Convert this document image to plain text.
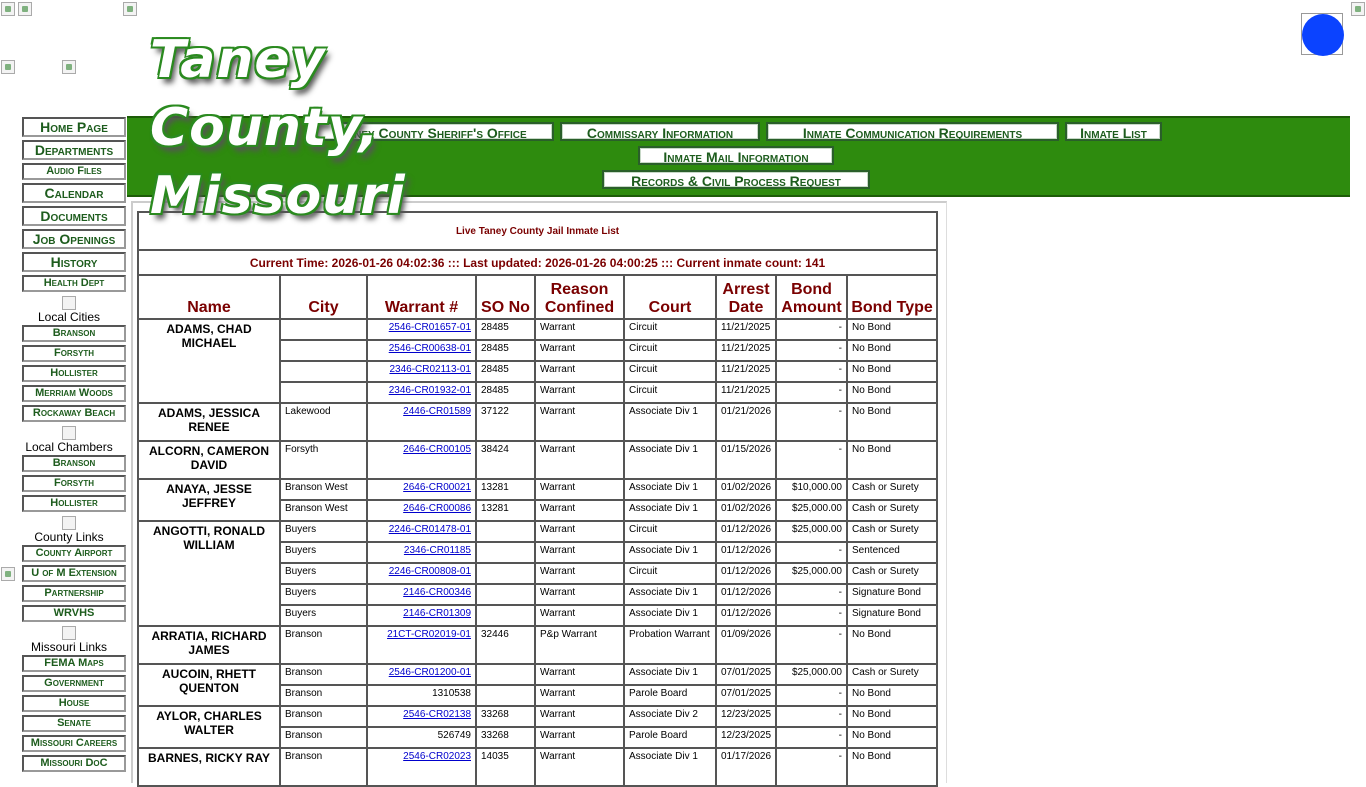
Taney County,
Missouri
36.6436, -93.2172
Taney County Sheriff's Office	Commissary Information	Inmate Communication Requirements	Inmate List
Inmate Mail Information
Records & Civil Process Request
Home Page
Departments
Audio Files
Calendar
Documents
Job Openings
History
Health Dept
Local Cities
Branson
Forsyth
Hollister
Merriam Woods
Rockaway Beach
Local Chambers
Branson
Forsyth
Hollister
County Links
County Airport
U of M Extension
Partnership
WRVHS
Missouri Links
FEMA Maps
Government
House
Senate
Missouri Careers
Missouri DoC
Live Taney County Jail Inmate List								
Current Time: 2026-01-26 04:02:36 ::: Last updated: 2026-01-26 04:00:25 ::: Current inmate count: 141								
Name	City	Warrant #	SO No	Reason Confined	Court	Arrest Date	Bond Amount	Bond Type
ADAMS, CHAD MICHAEL		2546-CR01657-01	28485	Warrant	Circuit	11/21/2025	-	No Bond
		2546-CR00638-01	28485	Warrant	Circuit	11/21/2025	-	No Bond
		2346-CR02113-01	28485	Warrant	Circuit	11/21/2025	-	No Bond
		2346-CR01932-01	28485	Warrant	Circuit	11/21/2025	-	No Bond
ADAMS, JESSICA RENEE	Lakewood	2446-CR01589	37122	Warrant	Associate Div 1	01/21/2026	-	No Bond
ALCORN, CAMERON DAVID	Forsyth	2646-CR00105	38424	Warrant	Associate Div 1	01/15/2026	-	No Bond
ANAYA, JESSE JEFFREY	Branson West	2646-CR00021	13281	Warrant	Associate Div 1	01/02/2026	$10,000.00	Cash or Surety
	Branson West	2646-CR00086	13281	Warrant	Associate Div 1	01/02/2026	$25,000.00	Cash or Surety
ANGOTTI, RONALD WILLIAM	Buyers	2246-CR01478-01		Warrant	Circuit	01/12/2026	$25,000.00	Cash or Surety
	Buyers	2346-CR01185		Warrant	Associate Div 1	01/12/2026	-	Sentenced
	Buyers	2246-CR00808-01		Warrant	Circuit	01/12/2026	$25,000.00	Cash or Surety
	Buyers	2146-CR00346		Warrant	Associate Div 1	01/12/2026	-	Signature Bond
	Buyers	2146-CR01309		Warrant	Associate Div 1	01/12/2026	-	Signature Bond
ARRATIA, RICHARD JAMES	Branson	21CT-CR02019-01	32446	P&p Warrant	Probation Warrant	01/09/2026	-	No Bond
AUCOIN, RHETT QUENTON	Branson	2546-CR01200-01		Warrant	Associate Div 1	07/01/2025	$25,000.00	Cash or Surety
	Branson	1310538		Warrant	Parole Board	07/01/2025	-	No Bond
AYLOR, CHARLES WALTER	Branson	2546-CR02138	33268	Warrant	Associate Div 2	12/23/2025	-	No Bond
	Branson	526749	33268	Warrant	Parole Board	12/23/2025	-	No Bond
BARNES, RICKY RAY	Branson	2546-CR02023	14035	Warrant	Associate Div 1	01/17/2026	-	No Bond
